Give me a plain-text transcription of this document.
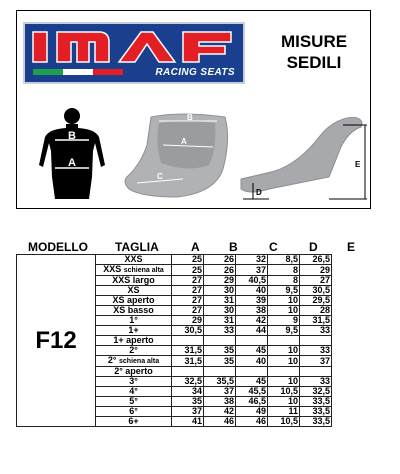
RACING SEATS
MISURE
SEDILI
B
A
B
A
C
D
E
MODELLO TAGLIA	A B	C	D E
F12	XXS	25	26	32	8,5	26,5
	XXS schiena alta	25	26	37	8	29
	XXS largo	27	29	40,5	8	27
	XS	27	30	40	9,5	30,5
	XS aperto	27	31	39	10	29,5
	XS basso	27	30	38	10	28
	1°	29	31	42	9	31,5
	1+	30,5	33	44	9,5	33
	1+ aperto					
	2°	31,5	35	45	10	33
	2° schiena alta	31,5	35	40	10	37
	2° aperto					
	3°	32,5	35,5	45	10	33
	4°	34	37	45,5	10,5	32,5
	5°	35	38	46,5	10	33,5
	6°	37	42	49	11	33,5
	6+	41	46	46	10,5	33,5
